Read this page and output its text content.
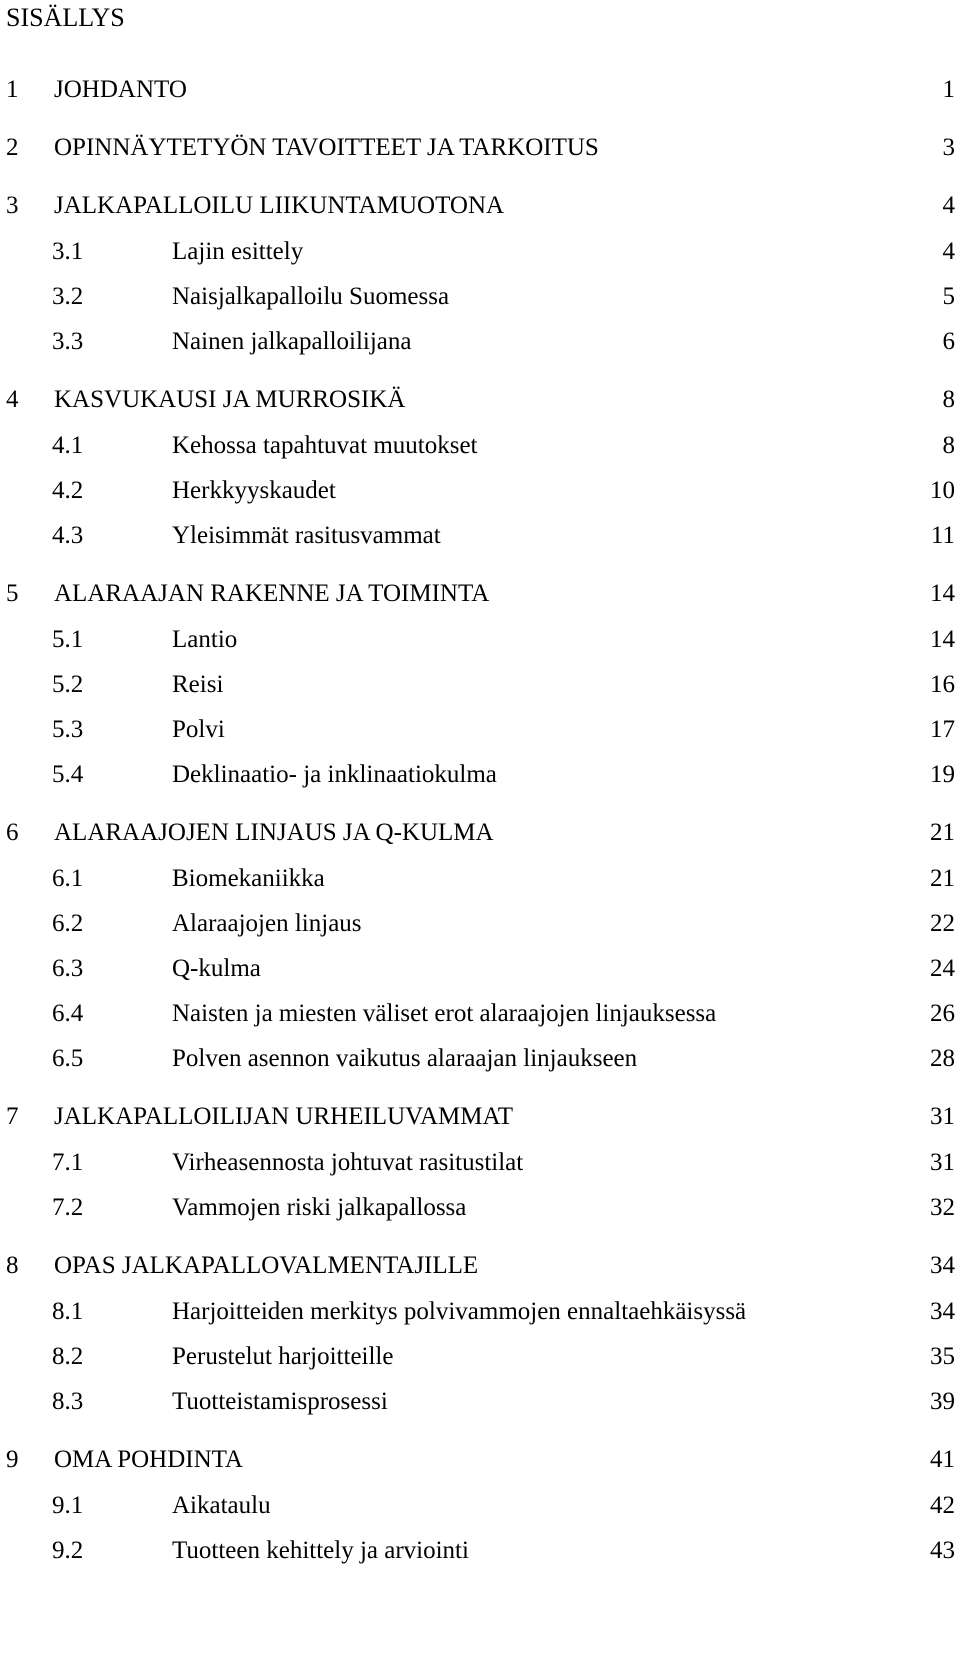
SISÄLLYS
1 JOHDANTO	1
2 OPINNÄYTETYÖN TAVOITTEET JA TARKOITUS	3
3 JALKAPALLOILU LIIKUNTAMUOTONA	4
3.1	Lajin esittely	4
3.2	Naisjalkapalloilu Suomessa	5
3.3	Nainen jalkapalloilijana	6
4 KASVUKAUSI JA MURROSIKÄ	8
4.1	Kehossa tapahtuvat muutokset	8
4.2	Herkkyyskaudet	10
4.3	Yleisimmät rasitusvammat	11
5 ALARAAJAN RAKENNE JA TOIMINTA	14
5.1	Lantio	14
5.2	Reisi	16
5.3	Polvi	17
5.4	Deklinaatio- ja inklinaatiokulma	19
6 ALARAAJOJEN LINJAUS JA Q-KULMA	21
6.1	Biomekaniikka	21
6.2	Alaraajojen linjaus	22
6.3	Q-kulma	24
6.4	Naisten ja miesten väliset erot alaraajojen linjauksessa	26
6.5	Polven asennon vaikutus alaraajan linjaukseen	28
7 JALKAPALLOILIJAN URHEILUVAMMAT	31
7.1	Virheasennosta johtuvat rasitustilat	31
7.2	Vammojen riski jalkapallossa	32
8 OPAS JALKAPALLOVALMENTAJILLE	34
8.1	Harjoitteiden merkitys polvivammojen ennaltaehkäisyssä	34
8.2	Perustelut harjoitteille	35
8.3	Tuotteistamisprosessi	39
9 OMA POHDINTA	41
9.1	Aikataulu	42
9.2	Tuotteen kehittely ja arviointi	43
